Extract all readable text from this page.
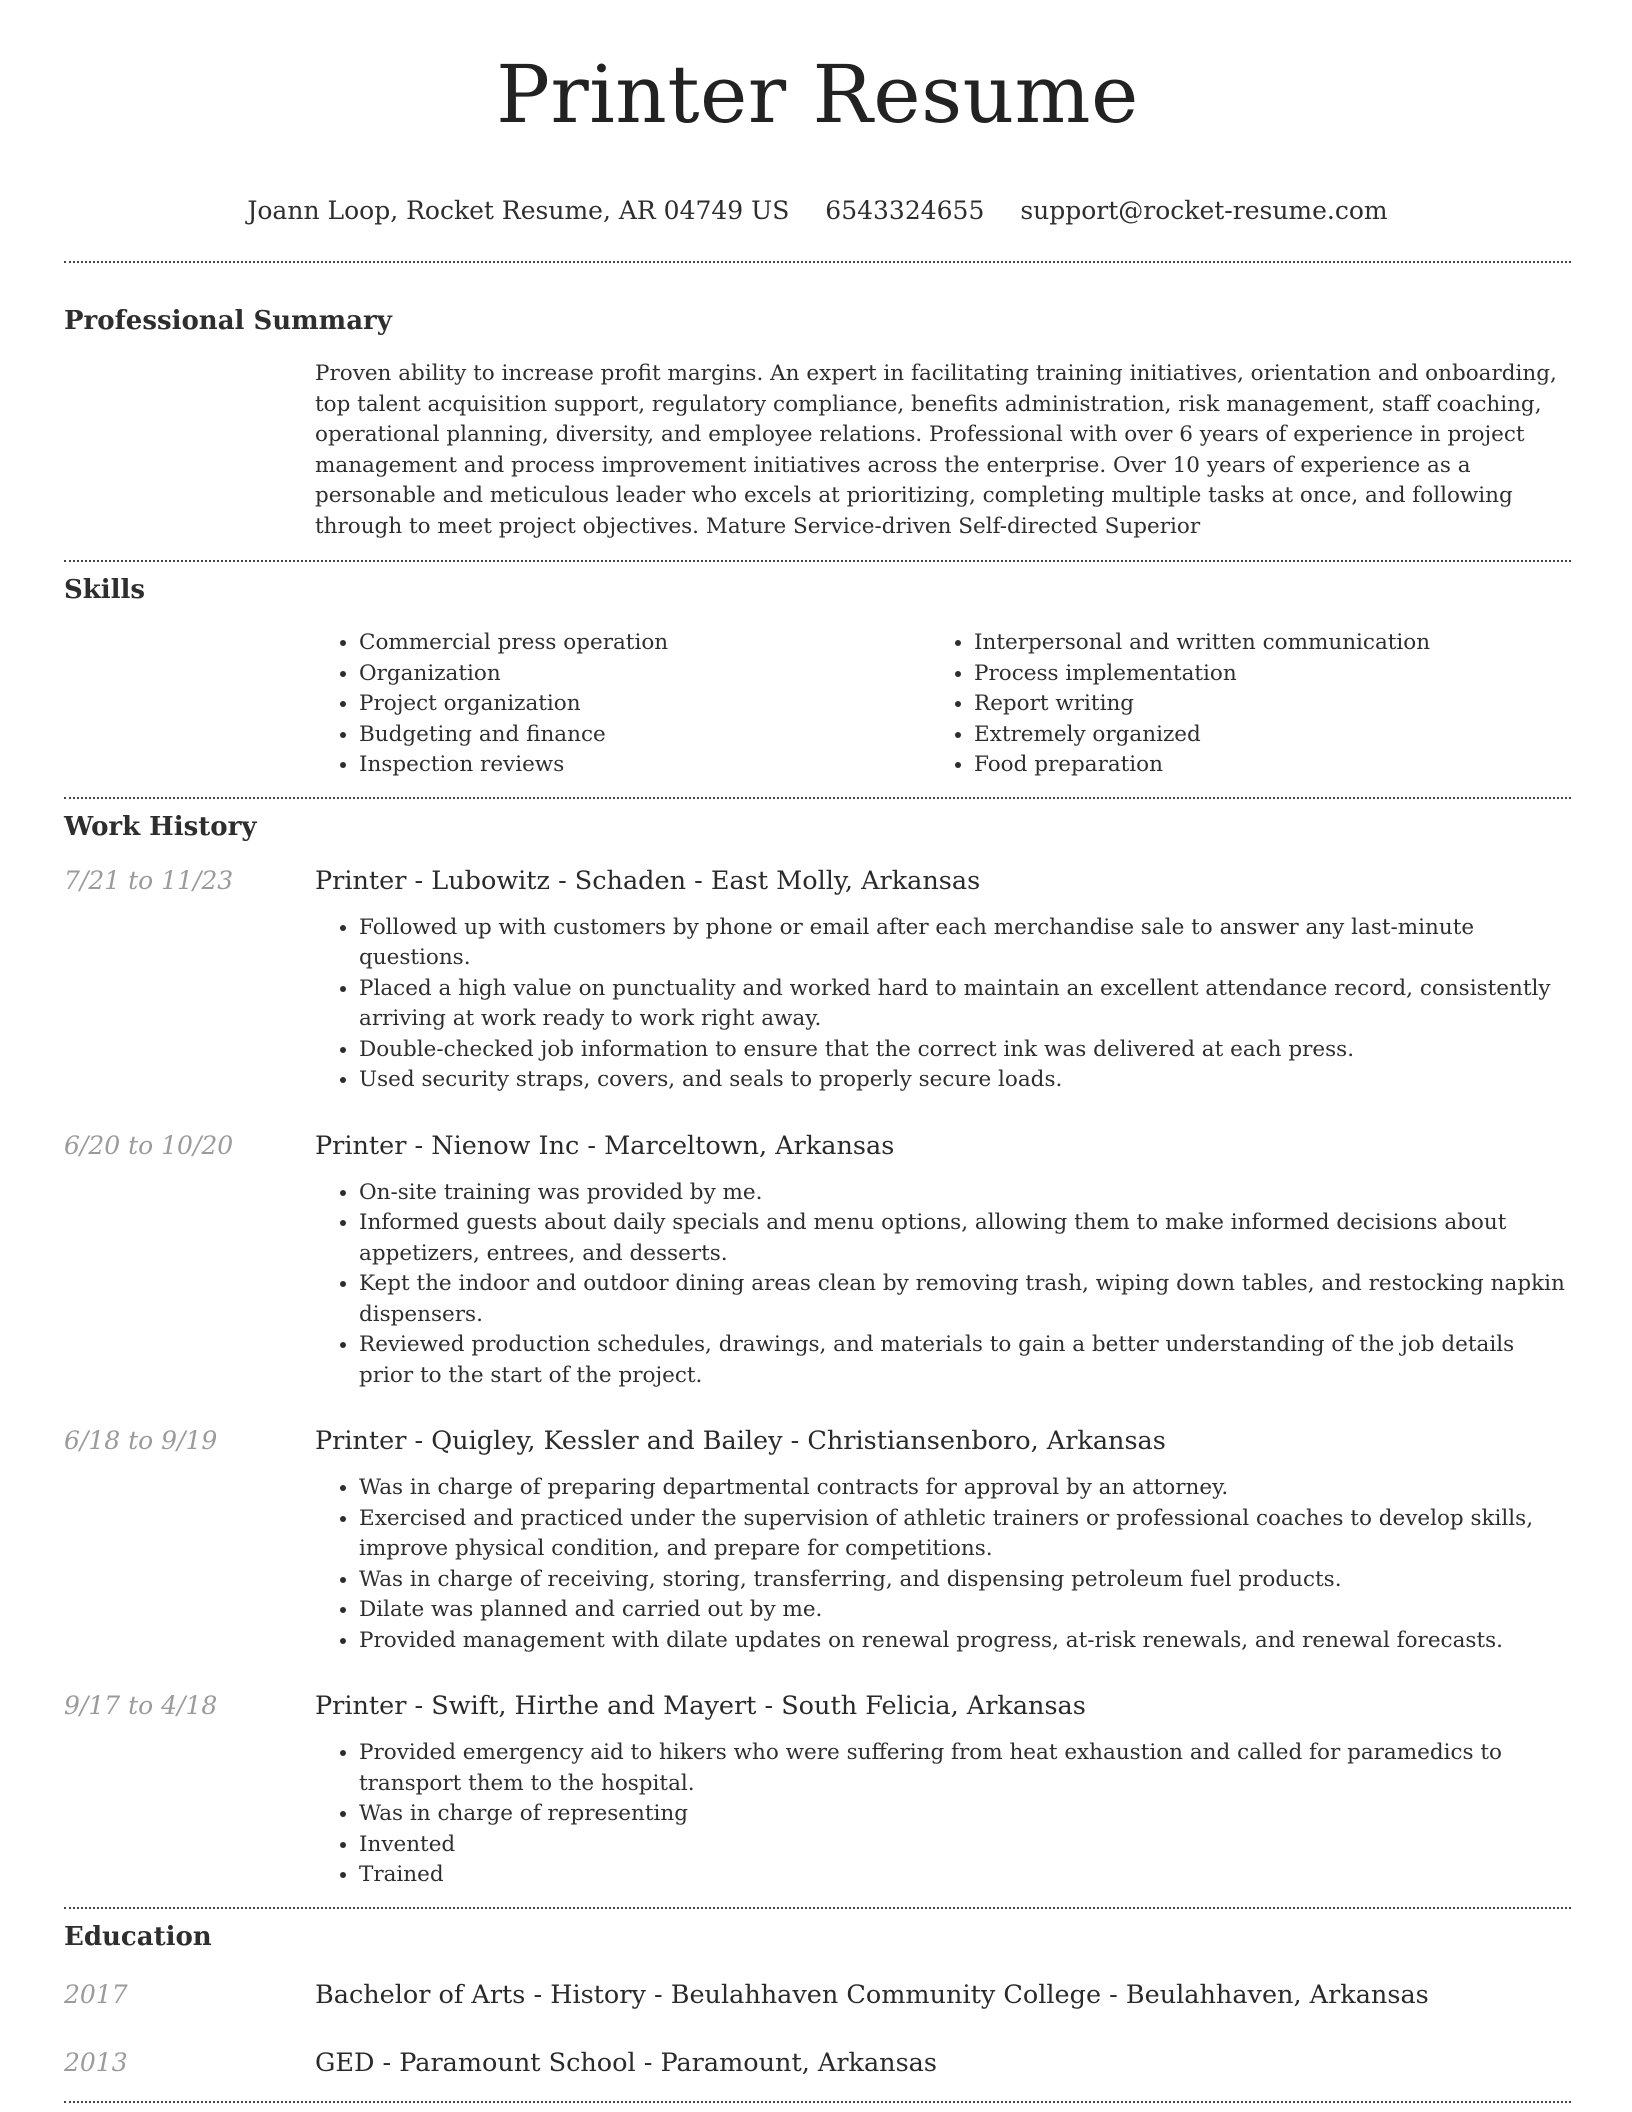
Printer Resume
Joann Loop, Rocket Resume, AR 04749 US 6543324655 support@rocket-resume.com
Professional Summary

Proven ability to increase profit margins. An expert in facilitating training initiatives, orientation and onboarding, top talent acquisition support, regulatory compliance, benefits administration, risk management, staff coaching, operational planning, diversity, and employee relations. Professional with over 6 years of experience in project management and process improvement initiatives across the enterprise. Over 10 years of experience as a personable and meticulous leader who excels at prioritizing, completing multiple tasks at once, and following through to meet project objectives. Mature Service-driven Self-directed Superior

Skills
• Commercial press operation
• Organization
• Project organization
• Budgeting and finance
• Inspection reviews
• Interpersonal and written communication
• Process implementation
• Report writing
• Extremely organized
• Food preparation
Work History
7/21 to 11/23	Printer - Lubowitz - Schaden - East Molly, Arkansas
• Followed up with customers by phone or email after each merchandise sale to answer any last-minute questions.
• Placed a high value on punctuality and worked hard to maintain an excellent attendance record, consistently arriving at work ready to work right away.
• Double-checked job information to ensure that the correct ink was delivered at each press.
• Used security straps, covers, and seals to properly secure loads.
6/20 to 10/20	Printer - Nienow Inc - Marceltown, Arkansas
• On-site training was provided by me.
• Informed guests about daily specials and menu options, allowing them to make informed decisions about appetizers, entrees, and desserts.
• Kept the indoor and outdoor dining areas clean by removing trash, wiping down tables, and restocking napkin dispensers.
• Reviewed production schedules, drawings, and materials to gain a better understanding of the job details prior to the start of the project.
6/18 to 9/19	Printer - Quigley, Kessler and Bailey - Christiansenboro, Arkansas
• Was in charge of preparing departmental contracts for approval by an attorney.
• Exercised and practiced under the supervision of athletic trainers or professional coaches to develop skills, improve physical condition, and prepare for competitions.
• Was in charge of receiving, storing, transferring, and dispensing petroleum fuel products.
• Dilate was planned and carried out by me.
• Provided management with dilate updates on renewal progress, at-risk renewals, and renewal forecasts.
9/17 to 4/18	Printer - Swift, Hirthe and Mayert - South Felicia, Arkansas
• Provided emergency aid to hikers who were suffering from heat exhaustion and called for paramedics to transport them to the hospital.
• Was in charge of representing
• Invented
• Trained
Education
2017	Bachelor of Arts - History - Beulahhaven Community College - Beulahhaven, Arkansas
2013	GED - Paramount School - Paramount, Arkansas
